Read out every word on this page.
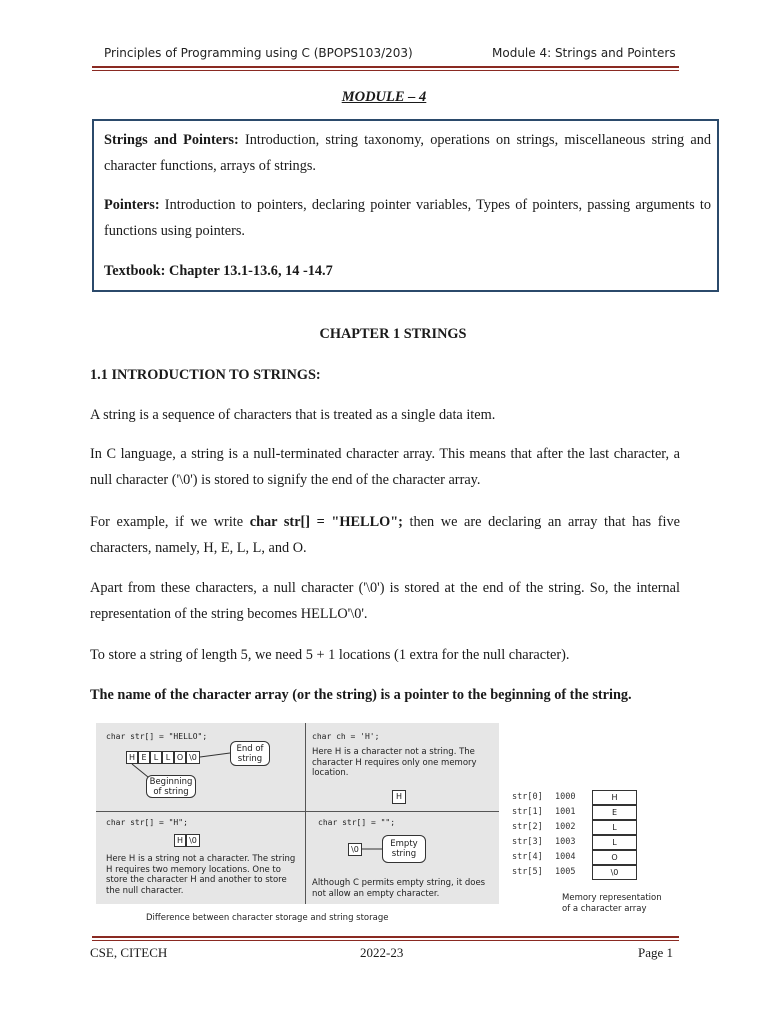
Principles of Programming using C (BPOPS103/203)	Module 4: Strings and Pointers
MODULE – 4
Strings and Pointers: Introduction, string taxonomy, operations on strings, miscellaneous string and character functions, arrays of strings.
Pointers: Introduction to pointers, declaring pointer variables, Types of pointers, passing arguments to functions using pointers.
Textbook: Chapter 13.1-13.6, 14 -14.7
CHAPTER 1 STRINGS
1.1 INTRODUCTION TO STRINGS:
A string is a sequence of characters that is treated as a single data item.
In C language, a string is a null-terminated character array. This means that after the last character, a null character ('\0') is stored to signify the end of the character array.
For example, if we write char str[] = "HELLO"; then we are declaring an array that has five characters, namely, H, E, L, L, and O.
Apart from these characters, a null character ('\0') is stored at the end of the string. So, the internal representation of the string becomes HELLO'\0'.
To store a string of length 5, we need 5 + 1 locations (1 extra for the null character).
The name of the character array (or the string) is a pointer to the beginning of the string.
char str[] = "HELLO";
H E L L O \0
End of string
Beginning of string
char ch = 'H';
Here H is a character not a string. The character H requires only one memory location.
H
char str[] = "H";
H \0
Here H is a string not a character. The string H requires two memory locations. One to store the character H and another to store the null character.
char str[] = "";
\0
Empty string
Although C permits empty string, it does not allow an empty character.
Difference between character storage and string storage
str[0] 1000	H
str[1] 1001	E
str[2] 1002	L
str[3] 1003	L
str[4] 1004	O
str[5] 1005	\0
Memory representation of a character array
CSE, CITECH	2022-23	Page 1
